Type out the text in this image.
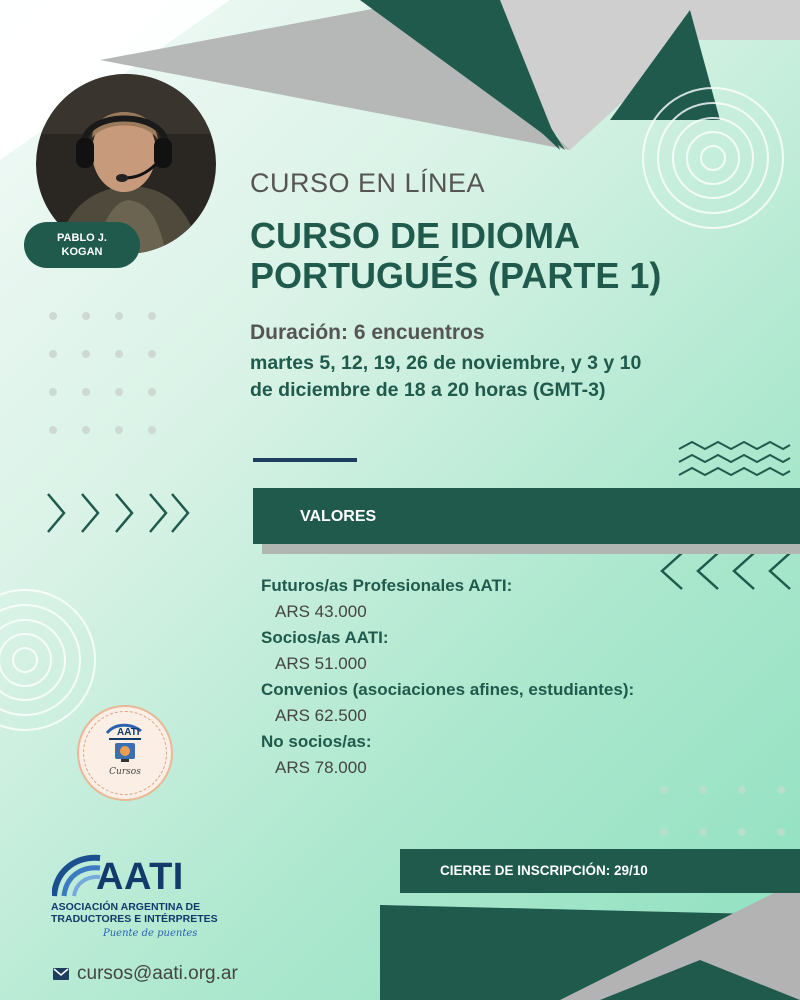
PABLO J.
KOGAN
CURSO EN LÍNEA
CURSO DE IDIOMA
PORTUGUÉS (PARTE 1)
Duración: 6 encuentros
martes 5, 12, 19, 26 de noviembre, y 3 y 10
de diciembre de 18 a 20 horas (GMT-3)
VALORES
Futuros/as Profesionales AATI:
ARS 43.000
Socios/as AATI:
ARS 51.000
Convenios (asociaciones afines, estudiantes):
ARS 62.500
No socios/as:
ARS 78.000
AATI
Cursos
CIERRE DE INSCRIPCIÓN: 29/10
AATI
ASOCIACIÓN ARGENTINA DE
TRADUCTORES E INTÉRPRETES
Puente de puentes
cursos@aati.org.ar
